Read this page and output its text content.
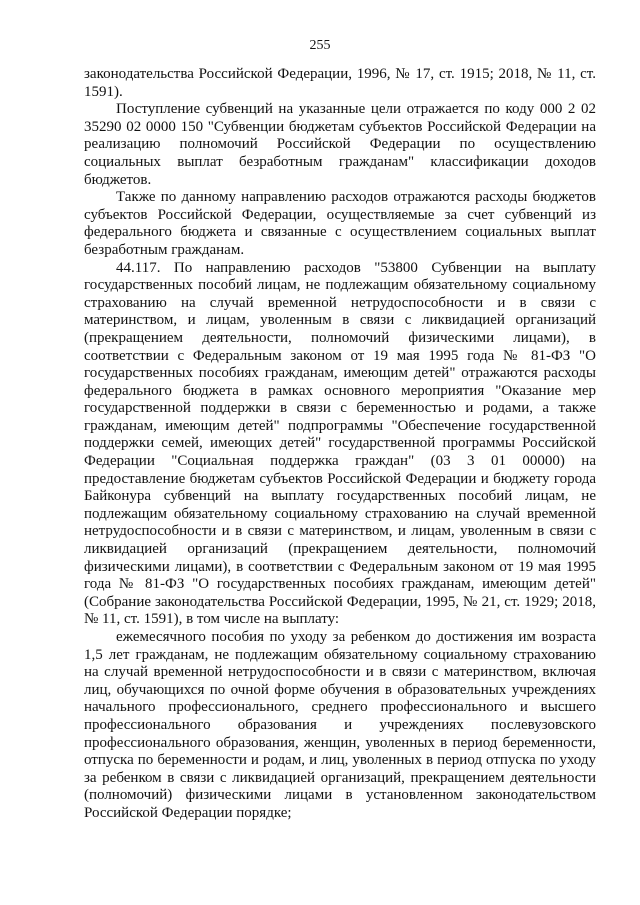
255

законодательства Российской Федерации, 1996, № 17, ст. 1915; 2018, № 11, ст. 1591).

Поступление субвенций на указанные цели отражается по коду 000 2 02 35290 02 0000 150 "Субвенции бюджетам субъектов Российской Федерации на реализацию полномочий Российской Федерации по осуществлению социальных выплат безработным гражданам" классификации доходов бюджетов.

Также по данному направлению расходов отражаются расходы бюджетов субъектов Российской Федерации, осуществляемые за счет субвенций из федерального бюджета и связанные с осуществлением социальных выплат безработным гражданам.

44.117. По направлению расходов "53800 Субвенции на выплату государственных пособий лицам, не подлежащим обязательному социальному страхованию на случай временной нетрудоспособности и в связи с материнством, и лицам, уволенным в связи с ликвидацией организаций (прекращением деятельности, полномочий физическими лицами), в соответствии с Федеральным законом от 19 мая 1995 года № 81-ФЗ "О государственных пособиях гражданам, имеющим детей" отражаются расходы федерального бюджета в рамках основного мероприятия "Оказание мер государственной поддержки в связи с беременностью и родами, а также гражданам, имеющим детей" подпрограммы "Обеспечение государственной поддержки семей, имеющих детей" государственной программы Российской Федерации "Социальная поддержка граждан" (03 3 01 00000) на предоставление бюджетам субъектов Российской Федерации и бюджету города Байконура субвенций на выплату государственных пособий лицам, не подлежащим обязательному социальному страхованию на случай временной нетрудоспособности и в связи с материнством, и лицам, уволенным в связи с ликвидацией организаций (прекращением деятельности, полномочий физическими лицами), в соответствии с Федеральным законом от 19 мая 1995 года № 81-ФЗ "О государственных пособиях гражданам, имеющим детей" (Собрание законодательства Российской Федерации, 1995, № 21, ст. 1929; 2018, № 11, ст. 1591), в том числе на выплату:

ежемесячного пособия по уходу за ребенком до достижения им возраста 1,5 лет гражданам, не подлежащим обязательному социальному страхованию на случай временной нетрудоспособности и в связи с материнством, включая лиц, обучающихся по очной форме обучения в образовательных учреждениях начального профессионального, среднего профессионального и высшего профессионального образования и учреждениях послевузовского профессионального образования, женщин, уволенных в период беременности, отпуска по беременности и родам, и лиц, уволенных в период отпуска по уходу за ребенком в связи с ликвидацией организаций, прекращением деятельности (полномочий) физическими лицами в установленном законодательством Российской Федерации порядке;
